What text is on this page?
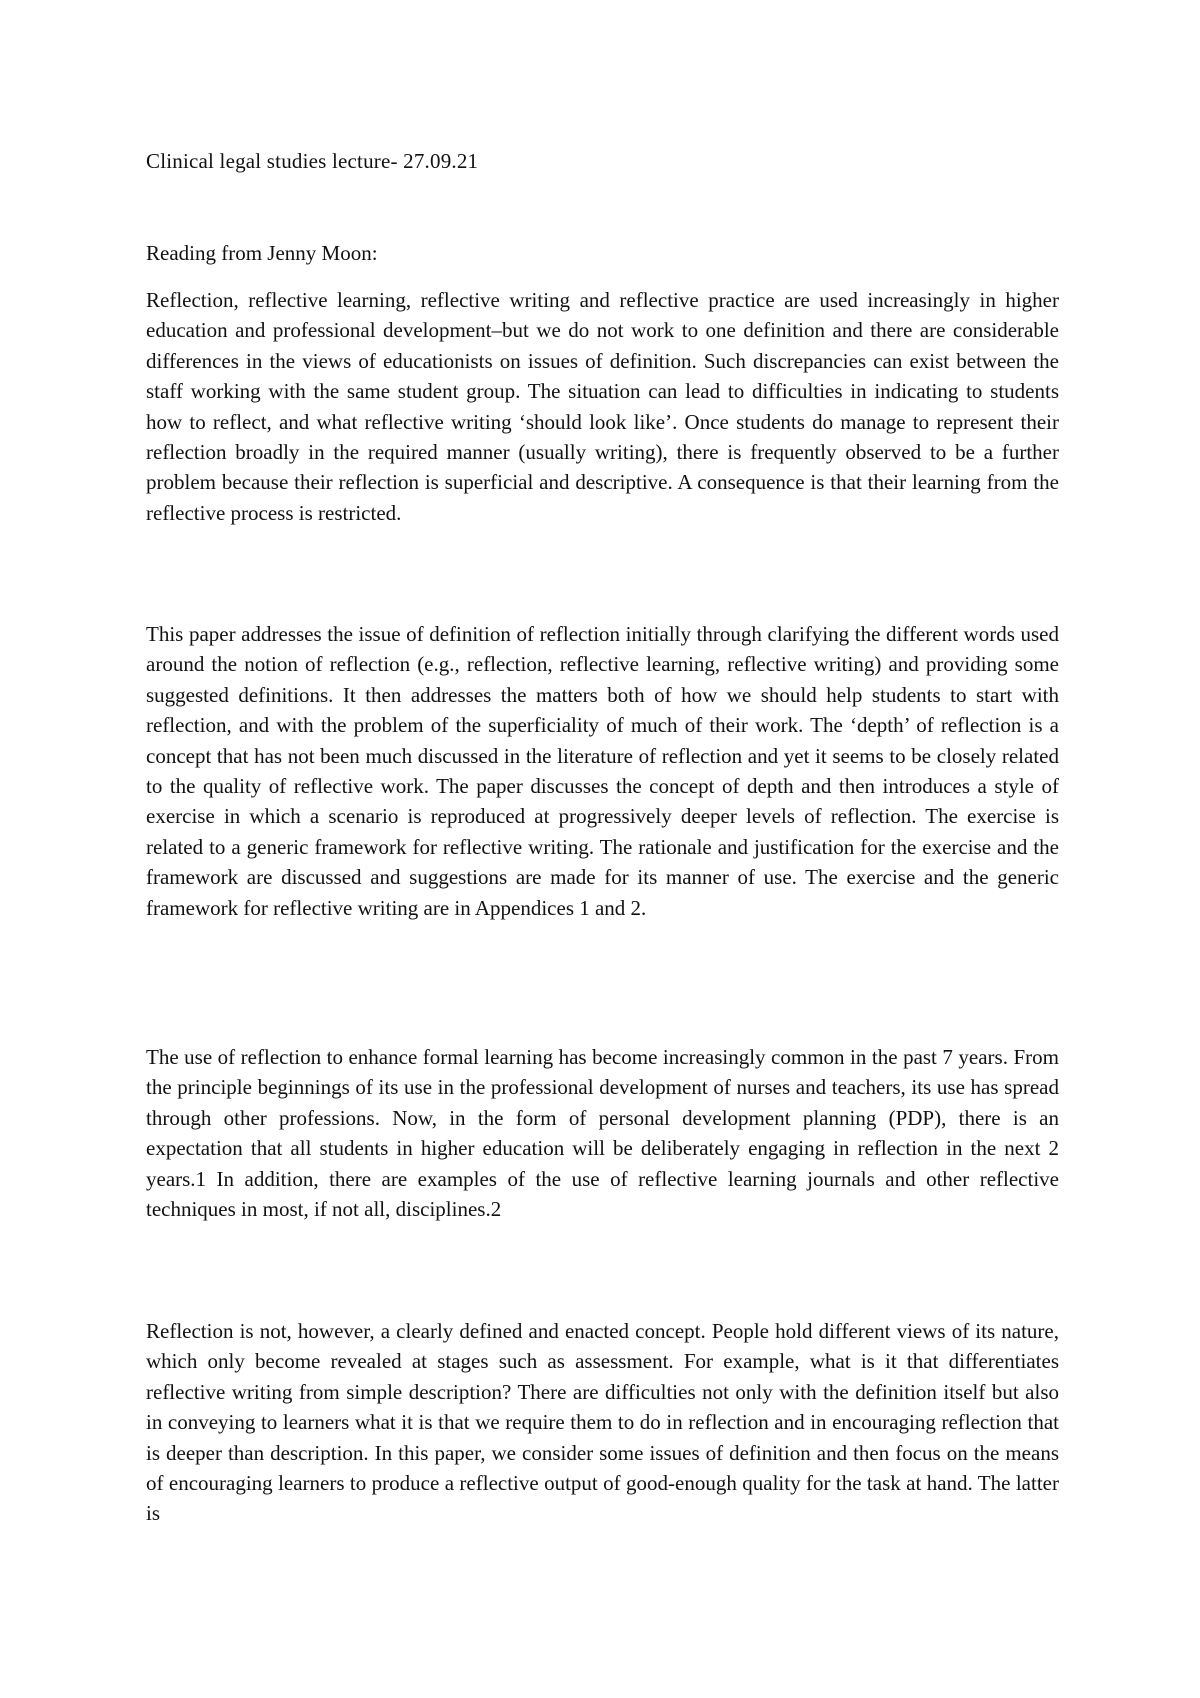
Clinical legal studies lecture- 27.09.21
Reading from Jenny Moon:

Reflection, reflective learning, reflective writing and reflective practice are used increasingly in higher education and professional development–but we do not work to one definition and there are considerable differences in the views of educationists on issues of definition. Such discrepancies can exist between the staff working with the same student group. The situation can lead to difficulties in indicating to students how to reflect, and what reflective writing ‘should look like’. Once students do manage to represent their reflection broadly in the required manner (usually writing), there is frequently observed to be a further problem because their reflection is superficial and descriptive. A consequence is that their learning from the reflective process is restricted.

This paper addresses the issue of definition of reflection initially through clarifying the different words used around the notion of reflection (e.g., reflection, reflective learning, reflective writing) and providing some suggested definitions. It then addresses the matters both of how we should help students to start with reflection, and with the problem of the superficiality of much of their work. The ‘depth’ of reflection is a concept that has not been much discussed in the literature of reflection and yet it seems to be closely related to the quality of reflective work. The paper discusses the concept of depth and then introduces a style of exercise in which a scenario is reproduced at progressively deeper levels of reflection. The exercise is related to a generic framework for reflective writing. The rationale and justification for the exercise and the framework are discussed and suggestions are made for its manner of use. The exercise and the generic framework for reflective writing are in Appendices 1 and 2.

The use of reflection to enhance formal learning has become increasingly common in the past 7 years. From the principle beginnings of its use in the professional development of nurses and teachers, its use has spread through other professions. Now, in the form of personal development planning (PDP), there is an expectation that all students in higher education will be deliberately engaging in reflection in the next 2 years.1 In addition, there are examples of the use of reflective learning journals and other reflective techniques in most, if not all, disciplines.2

Reflection is not, however, a clearly defined and enacted concept. People hold different views of its nature, which only become revealed at stages such as assessment. For example, what is it that differentiates reflective writing from simple description? There are difficulties not only with the definition itself but also in conveying to learners what it is that we require them to do in reflection and in encouraging reflection that is deeper than description. In this paper, we consider some issues of definition and then focus on the means of encouraging learners to produce a reflective output of good-enough quality for the task at hand. The latter is
